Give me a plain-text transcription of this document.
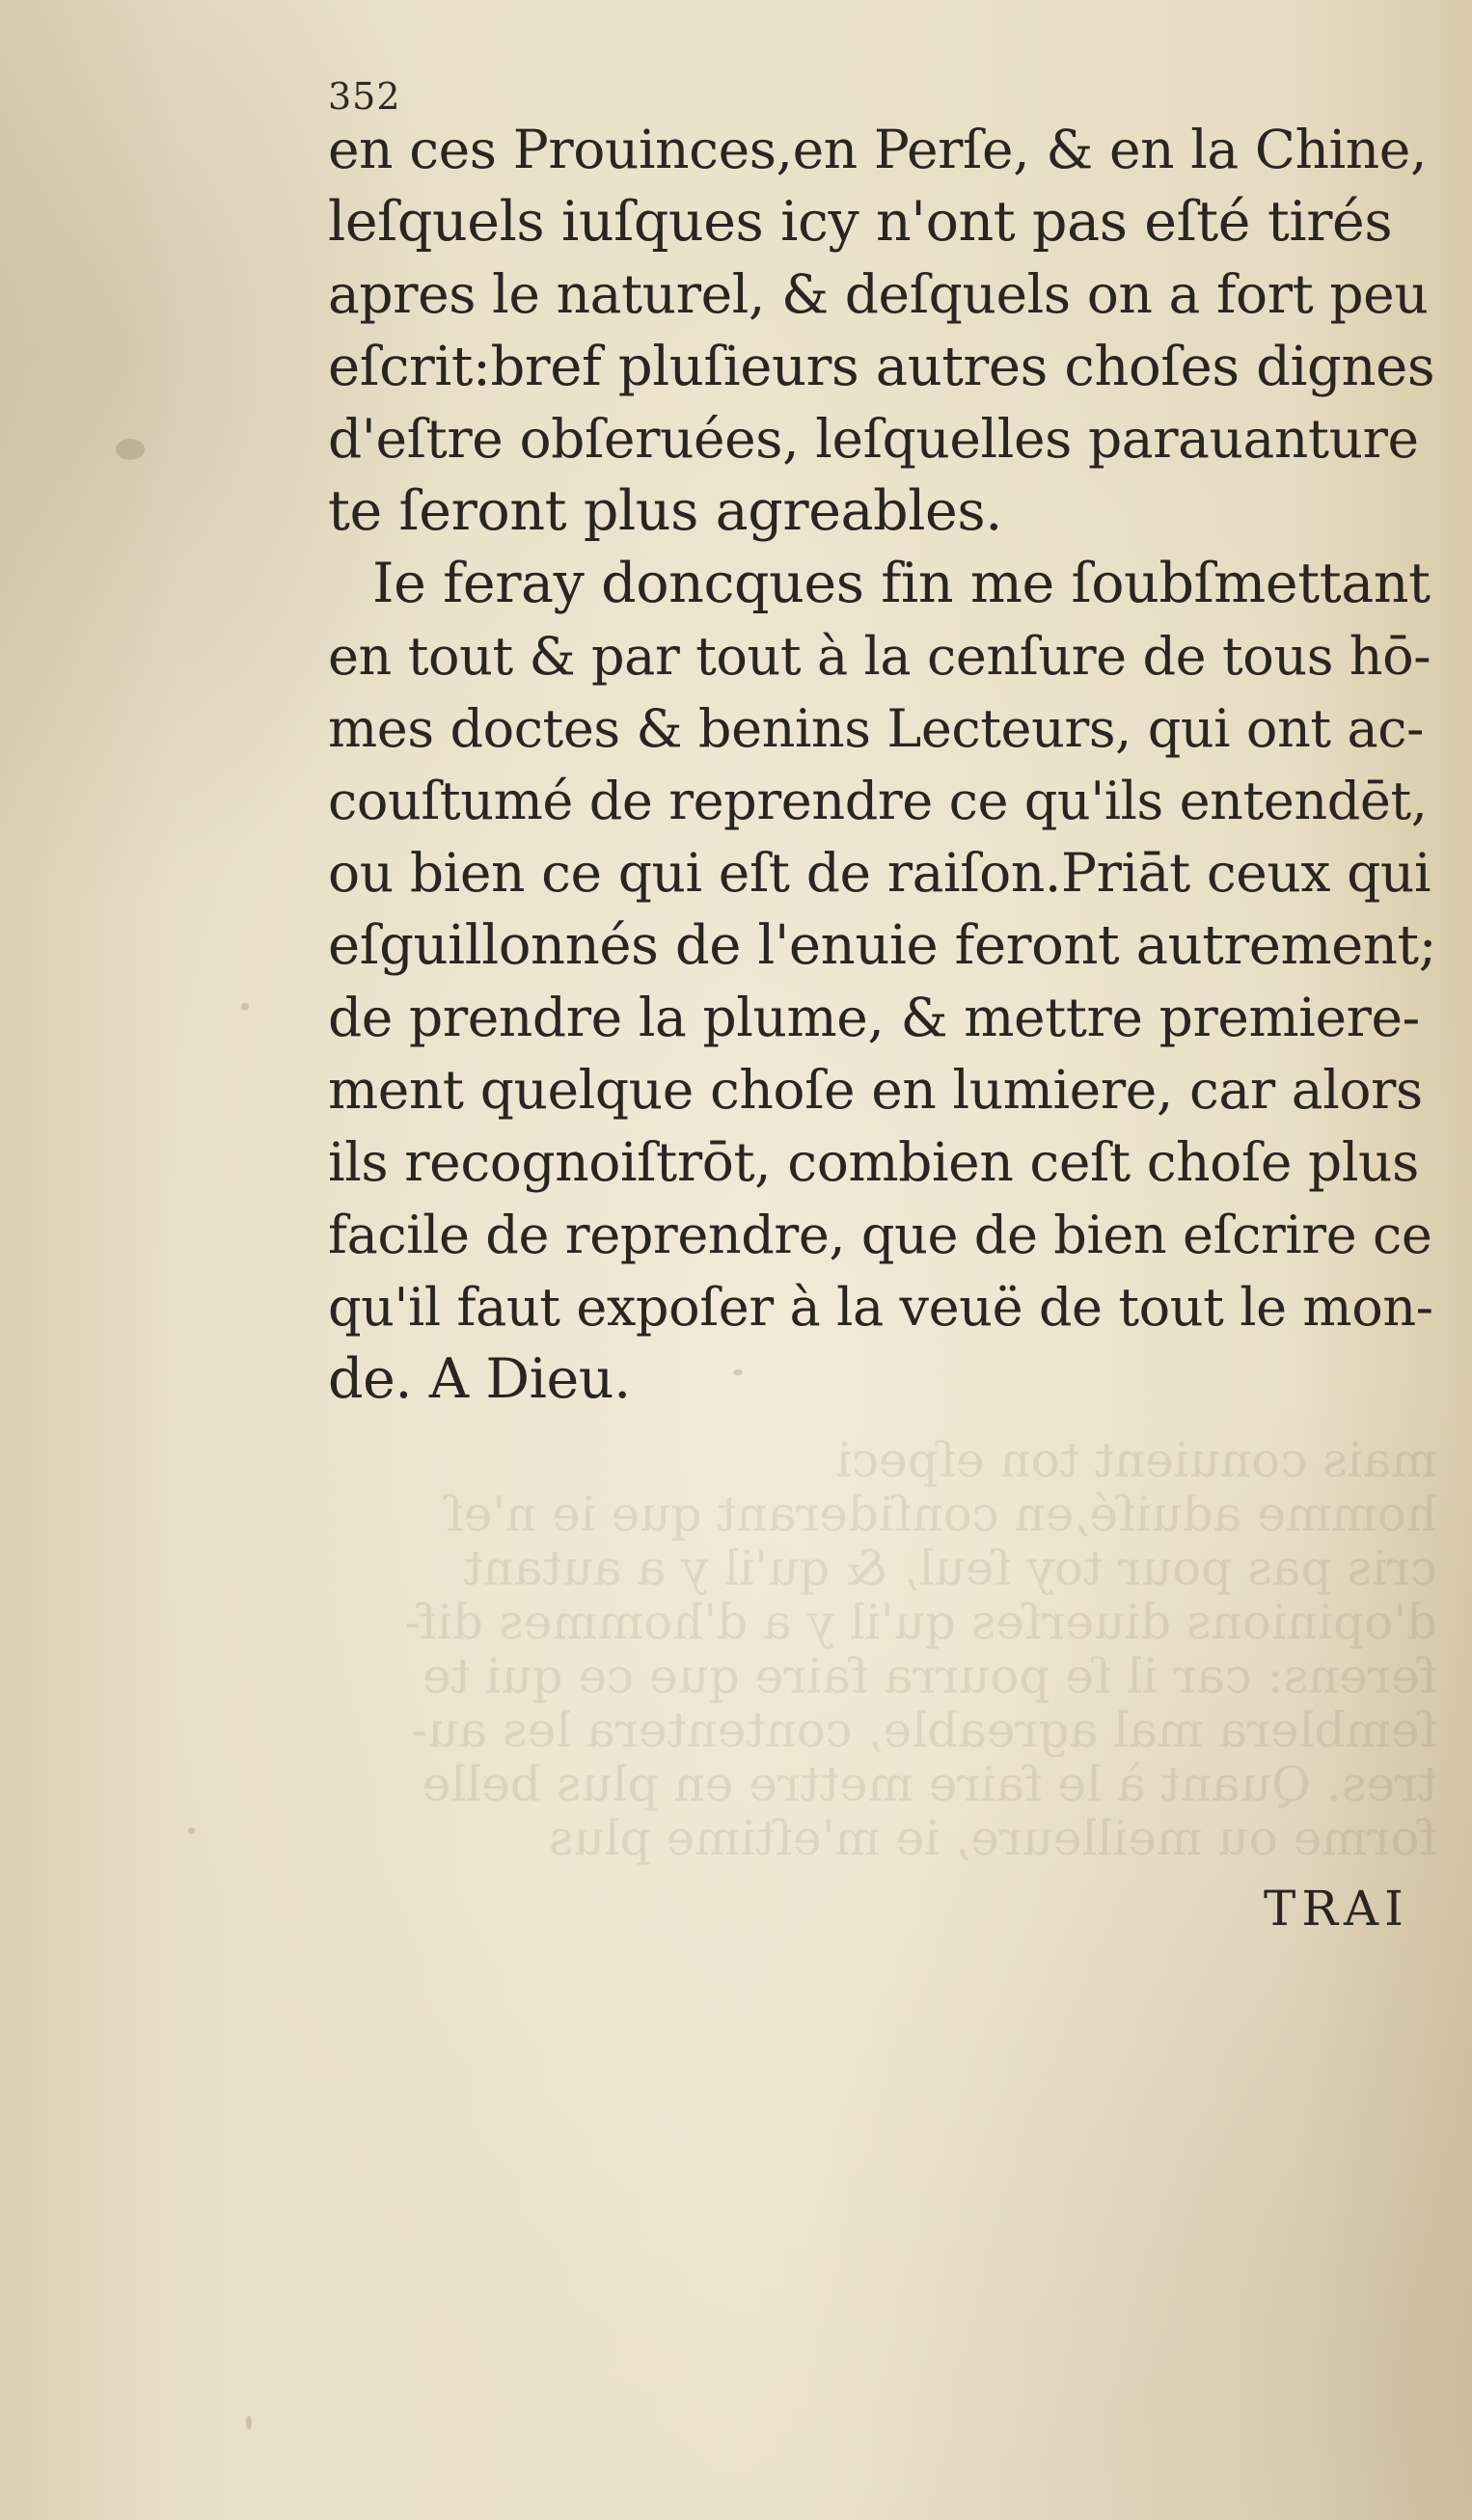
mais conuient ton eſpeci
homme aduiſé,en conſiderant que ie n'eſ
cris pas pour toy ſeul, & qu'il y a autant
d'opinions diuerſes qu'il y a d'hommes dif-
ferens: car il ſe pourra faire que ce qui te
ſemblera mal agreable, contentera les au-
tres. Quant à le faire mettre en plus belle
forme ou meilleure, ie m'eſtime plus
352
en ces Prouinces,en Perſe, & en la Chine,
leſquels iuſques icy n'ont pas eſté tirés
apres le naturel, & deſquels on a fort peu
eſcrit:bref pluſieurs autres choſes dignes
d'eſtre obſeruées, leſquelles parauanture
te ſeront plus agreables.
Ie feray doncques fin me ſoubſmettant
en tout & par tout à la cenſure de tous hō-
mes doctes & benins Lecteurs, qui ont ac-
couſtumé de reprendre ce qu'ils entendēt,
ou bien ce qui eſt de raiſon.Priāt ceux qui
eſguillonnés de l'enuie feront autrement;
de prendre la plume, & mettre premiere-
ment quelque choſe en lumiere, car alors
ils recognoiſtrōt, combien ceſt choſe plus
facile de reprendre, que de bien eſcrire ce
qu'il faut expoſer à la veuë de tout le mon-
de. A Dieu.
TRAI
